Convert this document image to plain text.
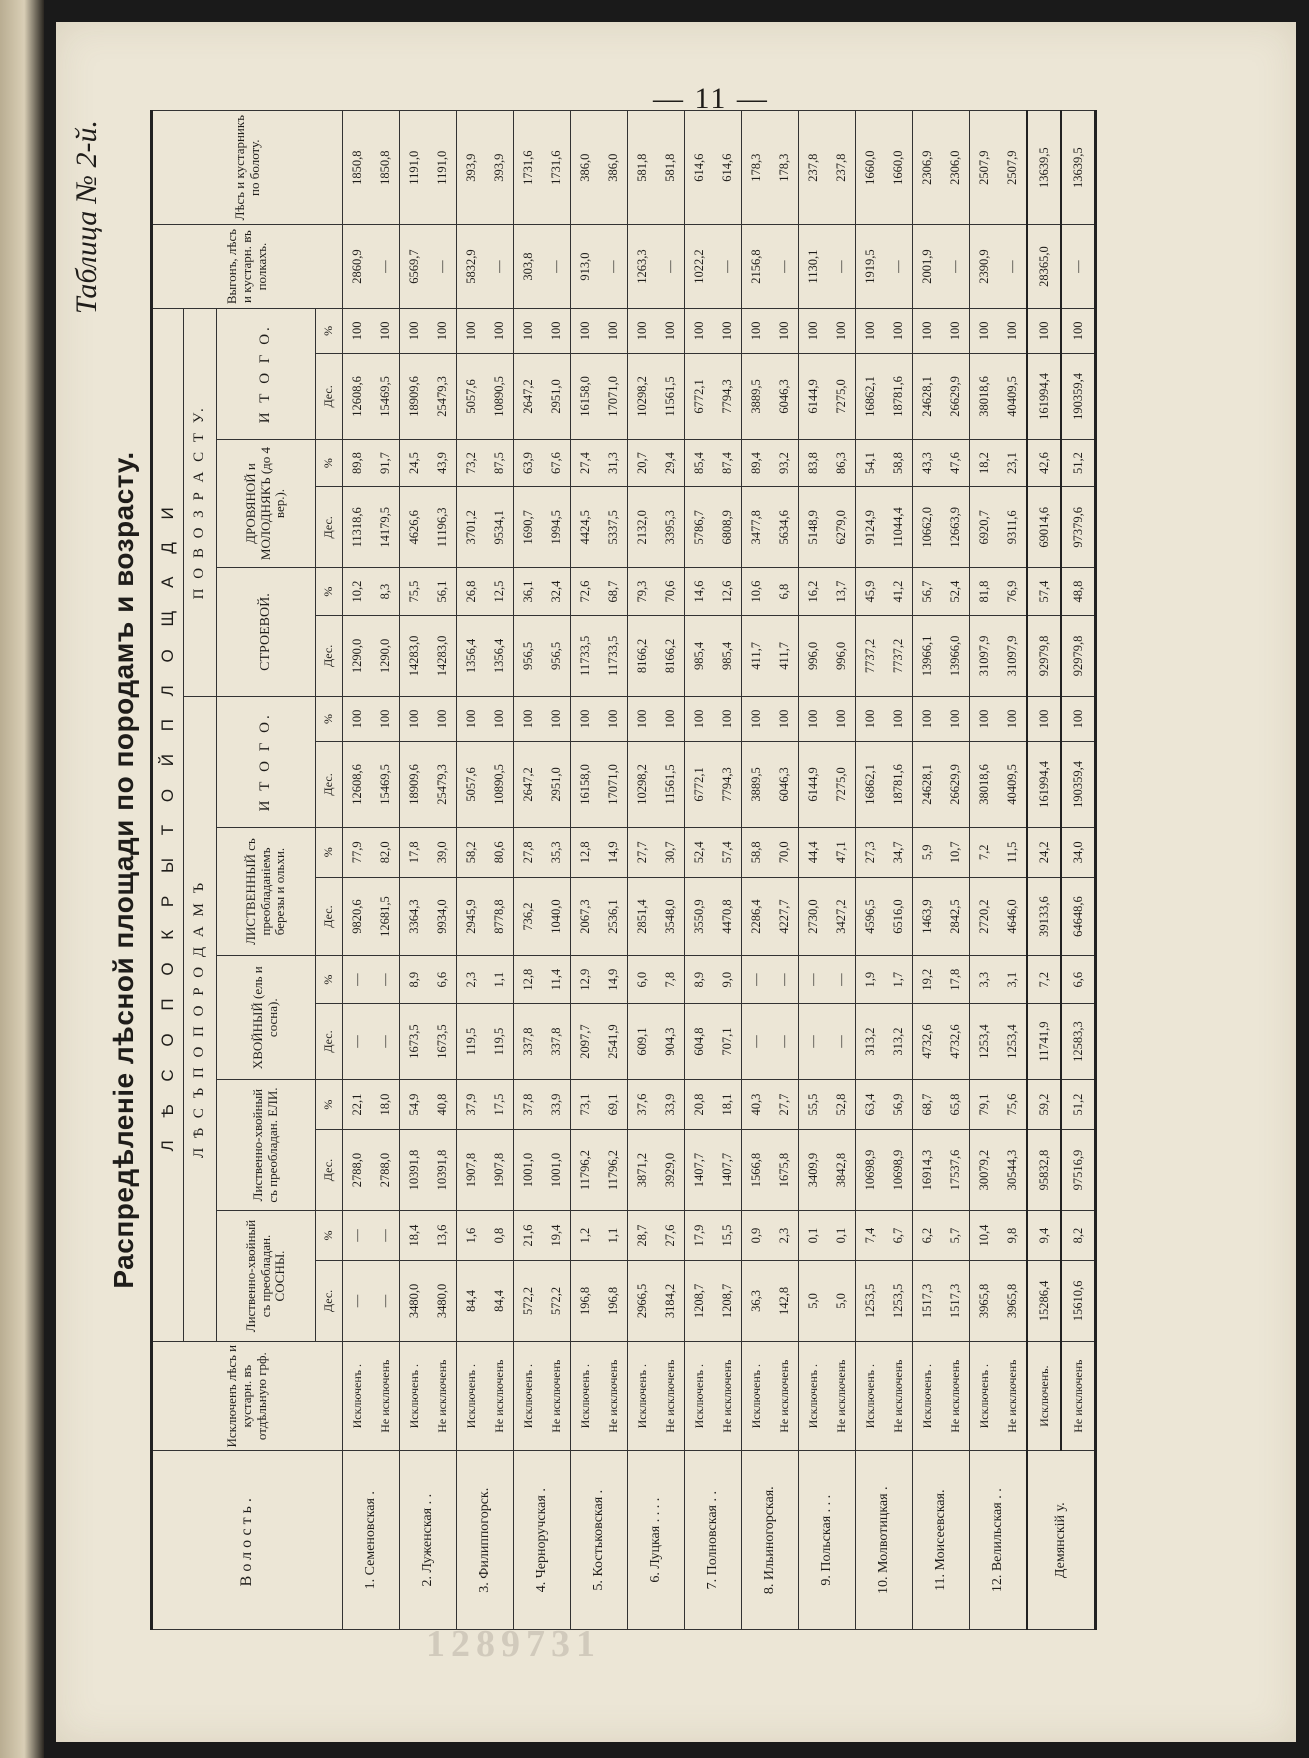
— 11 —
1289731
Таблица № 2-й.
Распредѣленіе лѣсной площади по породамъ и возрасту.
Волость.	Исключенъ лѣсъ и кустарн. въ отдѣльную грф.	Л Ѣ С О П О К Р Ы Т О Й П Л О Щ А Д И																Выгонъ, лѣсъ и кустарн. въ полкахъ.	Лѣсъ и кустарникъ по болоту.
		Л Ѣ С Ъ П О П О Р О Д А М Ъ										П О В О З Р А С Т У.							
		Лиственно-хвойный съ преобладан. СОСНЫ.		Лиственно-хвойный съ преобладан. ЕЛИ.		ХВОЙНЫЙ (ель и сосна).		ЛИСТВЕННЫЙ съ преобладаніемъ березы и ольхи.		И Т О Г О.		СТРОЕВОЙ.		ДРОВЯНОЙ и МОЛОДНЯКЪ (до 4 вер.).		И Т О Г О.			
		Дес.	%	Дес.	%	Дес.	%	Дес.	%	Дес.	%	Дес.	%	Дес.	%	Дес.	%		
1. Семеновская .	Исключенъ .	—	—	2788,0	22,1	—	—	9820,6	77,9	12608,6	100	1290,0	10,2	11318,6	89,8	12608,6	100	2860,9	1850,8
	Не исключенъ	—	—	2788,0	18,0	—	—	12681,5	82,0	15469,5	100	1290,0	8,3	14179,5	91,7	15469,5	100	—	1850,8
2. Луженская . .	Исключенъ .	3480,0	18,4	10391,8	54,9	1673,5	8,9	3364,3	17,8	18909,6	100	14283,0	75,5	4626,6	24,5	18909,6	100	6569,7	1191,0
	Не исключенъ	3480,0	13,6	10391,8	40,8	1673,5	6,6	9934,0	39,0	25479,3	100	14283,0	56,1	11196,3	43,9	25479,3	100	—	1191,0
3. Филиппогорск.	Исключенъ .	84,4	1,6	1907,8	37,9	119,5	2,3	2945,9	58,2	5057,6	100	1356,4	26,8	3701,2	73,2	5057,6	100	5832,9	393,9
	Не исключенъ	84,4	0,8	1907,8	17,5	119,5	1,1	8778,8	80,6	10890,5	100	1356,4	12,5	9534,1	87,5	10890,5	100	—	393,9
4. Черноручская .	Исключенъ .	572,2	21,6	1001,0	37,8	337,8	12,8	736,2	27,8	2647,2	100	956,5	36,1	1690,7	63,9	2647,2	100	303,8	1731,6
	Не исключенъ	572,2	19,4	1001,0	33,9	337,8	11,4	1040,0	35,3	2951,0	100	956,5	32,4	1994,5	67,6	2951,0	100	—	1731,6
5. Костьковская .	Исключенъ .	196,8	1,2	11796,2	73,1	2097,7	12,9	2067,3	12,8	16158,0	100	11733,5	72,6	4424,5	27,4	16158,0	100	913,0	386,0
	Не исключенъ	196,8	1,1	11796,2	69,1	2541,9	14,9	2536,1	14,9	17071,0	100	11733,5	68,7	5337,5	31,3	17071,0	100	—	386,0
6. Луцкая . . . .	Исключенъ .	2966,5	28,7	3871,2	37,6	609,1	6,0	2851,4	27,7	10298,2	100	8166,2	79,3	2132,0	20,7	10298,2	100	1263,3	581,8
	Не исключенъ	3184,2	27,6	3929,0	33,9	904,3	7,8	3548,0	30,7	11561,5	100	8166,2	70,6	3395,3	29,4	11561,5	100	—	581,8
7. Полновская . .	Исключенъ .	1208,7	17,9	1407,7	20,8	604,8	8,9	3550,9	52,4	6772,1	100	985,4	14,6	5786,7	85,4	6772,1	100	1022,2	614,6
	Не исключенъ	1208,7	15,5	1407,7	18,1	707,1	9,0	4470,8	57,4	7794,3	100	985,4	12,6	6808,9	87,4	7794,3	100	—	614,6
8. Ильиногорская.	Исключенъ .	36,3	0,9	1566,8	40,3	—	—	2286,4	58,8	3889,5	100	411,7	10,6	3477,8	89,4	3889,5	100	2156,8	178,3
	Не исключенъ	142,8	2,3	1675,8	27,7	—	—	4227,7	70,0	6046,3	100	411,7	6,8	5634,6	93,2	6046,3	100	—	178,3
9. Польская . . .	Исключенъ .	5,0	0,1	3409,9	55,5	—	—	2730,0	44,4	6144,9	100	996,0	16,2	5148,9	83,8	6144,9	100	1130,1	237,8
	Не исключенъ	5,0	0,1	3842,8	52,8	—	—	3427,2	47,1	7275,0	100	996,0	13,7	6279,0	86,3	7275,0	100	—	237,8
10. Молвотицкая .	Исключенъ .	1253,5	7,4	10698,9	63,4	313,2	1,9	4596,5	27,3	16862,1	100	7737,2	45,9	9124,9	54,1	16862,1	100	1919,5	1660,0
	Не исключенъ	1253,5	6,7	10698,9	56,9	313,2	1,7	6516,0	34,7	18781,6	100	7737,2	41,2	11044,4	58,8	18781,6	100	—	1660,0
11. Моисеевская.	Исключенъ .	1517,3	6,2	16914,3	68,7	4732,6	19,2	1463,9	5,9	24628,1	100	13966,1	56,7	10662,0	43,3	24628,1	100	2001,9	2306,9
	Не исключенъ	1517,3	5,7	17537,6	65,8	4732,6	17,8	2842,5	10,7	26629,9	100	13966,0	52,4	12663,9	47,6	26629,9	100	—	2306,0
12. Велильская . .	Исключенъ .	3965,8	10,4	30079,2	79,1	1253,4	3,3	2720,2	7,2	38018,6	100	31097,9	81,8	6920,7	18,2	38018,6	100	2390,9	2507,9
	Не исключенъ	3965,8	9,8	30544,3	75,6	1253,4	3,1	4646,0	11,5	40409,5	100	31097,9	76,9	9311,6	23,1	40409,5	100	—	2507,9
Демянскій у.	Исключенъ.	15286,4	9,4	95832,8	59,2	11741,9	7,2	39133,6	24,2	161994,4	100	92979,8	57,4	69014,6	42,6	161994,4	100	28365,0	13639,5
	Не исключенъ	15610,6	8,2	97516,9	51,2	12583,3	6,6	64648,6	34,0	190359,4	100	92979,8	48,8	97379,6	51,2	190359,4	100	—	13639,5
